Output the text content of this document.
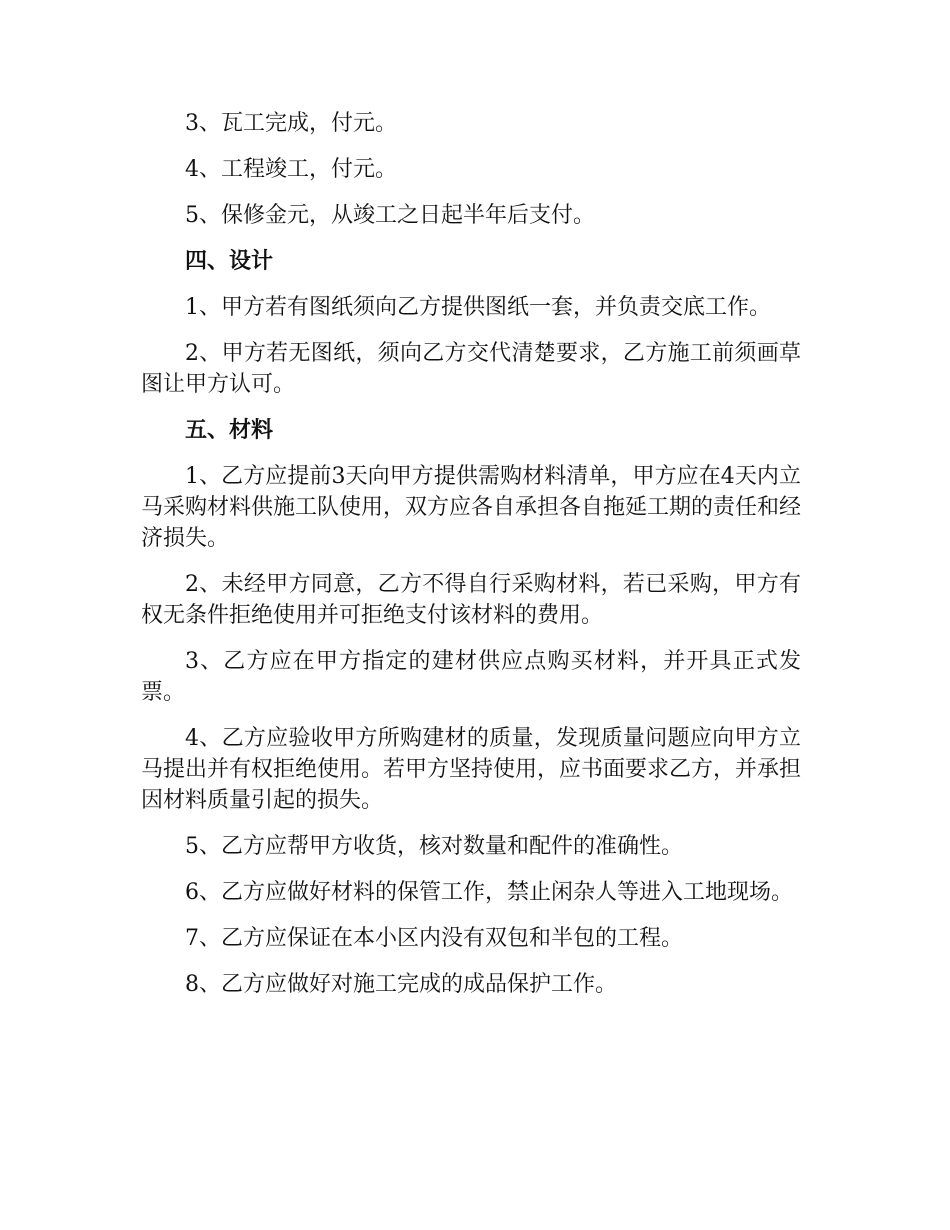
3、瓦工完成，付元。

4、工程竣工，付元。

5、保修金元，从竣工之日起半年后支付。

四、设计

1、甲方若有图纸须向乙方提供图纸一套，并负责交底工作。

2、甲方若无图纸，须向乙方交代清楚要求，乙方施工前须画草图让甲方认可。

五、材料

1、乙方应提前3天向甲方提供需购材料清单，甲方应在4天内立马采购材料供施工队使用，双方应各自承担各自拖延工期的责任和经济损失。

2、未经甲方同意，乙方不得自行采购材料，若已采购，甲方有权无条件拒绝使用并可拒绝支付该材料的费用。

3、乙方应在甲方指定的建材供应点购买材料，并开具正式发票。

4、乙方应验收甲方所购建材的质量，发现质量问题应向甲方立马提出并有权拒绝使用。若甲方坚持使用，应书面要求乙方，并承担因材料质量引起的损失。

5、乙方应帮甲方收货，核对数量和配件的准确性。

6、乙方应做好材料的保管工作，禁止闲杂人等进入工地现场。

7、乙方应保证在本小区内没有双包和半包的工程。

8、乙方应做好对施工完成的成品保护工作。
